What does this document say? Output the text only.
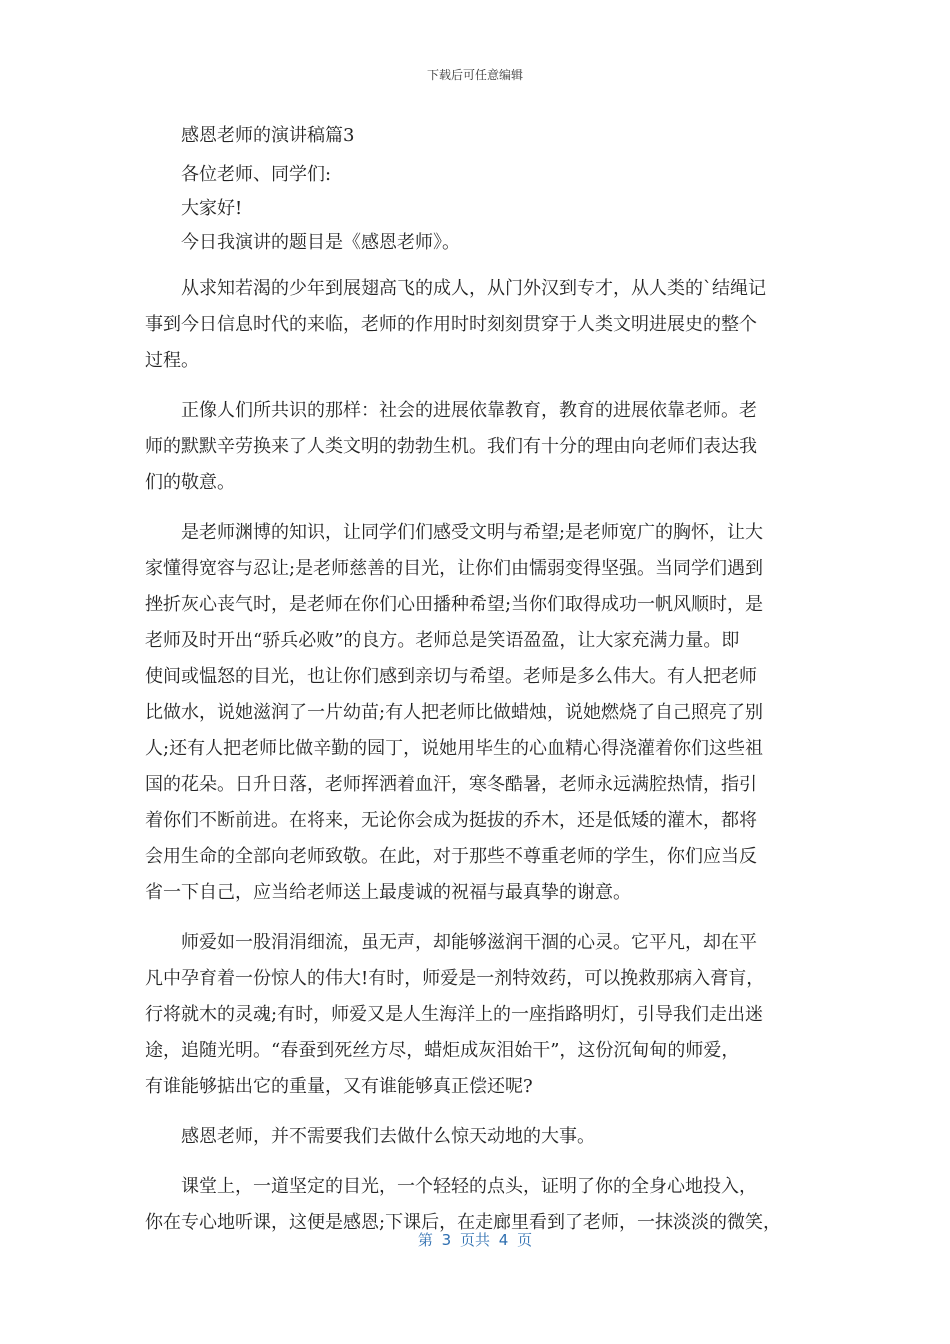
下载后可任意编辑

感恩老师的演讲稿篇3

各位老师、同学们:

大家好!

今日我演讲的题目是《感恩老师》。

从求知若渴的少年到展翅高飞的成人，从门外汉到专才，从人类的`结绳记

事到今日信息时代的来临，老师的作用时时刻刻贯穿于人类文明进展史的整个

过程。

正像人们所共识的那样：社会的进展依靠教育，教育的进展依靠老师。老

师的默默辛劳换来了人类文明的勃勃生机。我们有十分的理由向老师们表达我

们的敬意。

是老师渊博的知识，让同学们们感受文明与希望;是老师宽广的胸怀，让大

家懂得宽容与忍让;是老师慈善的目光，让你们由懦弱变得坚强。当同学们遇到

挫折灰心丧气时，是老师在你们心田播种希望;当你们取得成功一帆风顺时，是

老师及时开出“骄兵必败”的良方。老师总是笑语盈盈，让大家充满力量。即

使间或愠怒的目光，也让你们感到亲切与希望。老师是多么伟大。有人把老师

比做水，说她滋润了一片幼苗;有人把老师比做蜡烛，说她燃烧了自己照亮了别

人;还有人把老师比做辛勤的园丁，说她用毕生的心血精心得浇灌着你们这些祖

国的花朵。日升日落，老师挥洒着血汗，寒冬酷暑，老师永远满腔热情，指引

着你们不断前进。在将来，无论你会成为挺拔的乔木，还是低矮的灌木，都将

会用生命的全部向老师致敬。在此，对于那些不尊重老师的学生，你们应当反

省一下自己，应当给老师送上最虔诚的祝福与最真挚的谢意。

师爱如一股涓涓细流，虽无声，却能够滋润干涸的心灵。它平凡，却在平

凡中孕育着一份惊人的伟大!有时，师爱是一剂特效药，可以挽救那病入膏肓，

行将就木的灵魂;有时，师爱又是人生海洋上的一座指路明灯，引导我们走出迷

途，追随光明。“春蚕到死丝方尽，蜡炬成灰泪始干”，这份沉甸甸的师爱，

有谁能够掂出它的重量，又有谁能够真正偿还呢?

感恩老师，并不需要我们去做什么惊天动地的大事。

课堂上，一道坚定的目光，一个轻轻的点头，证明了你的全身心地投入，

你在专心地听课，这便是感恩;下课后，在走廊里看到了老师，一抹淡淡的微笑，

第 3 页共 4 页
